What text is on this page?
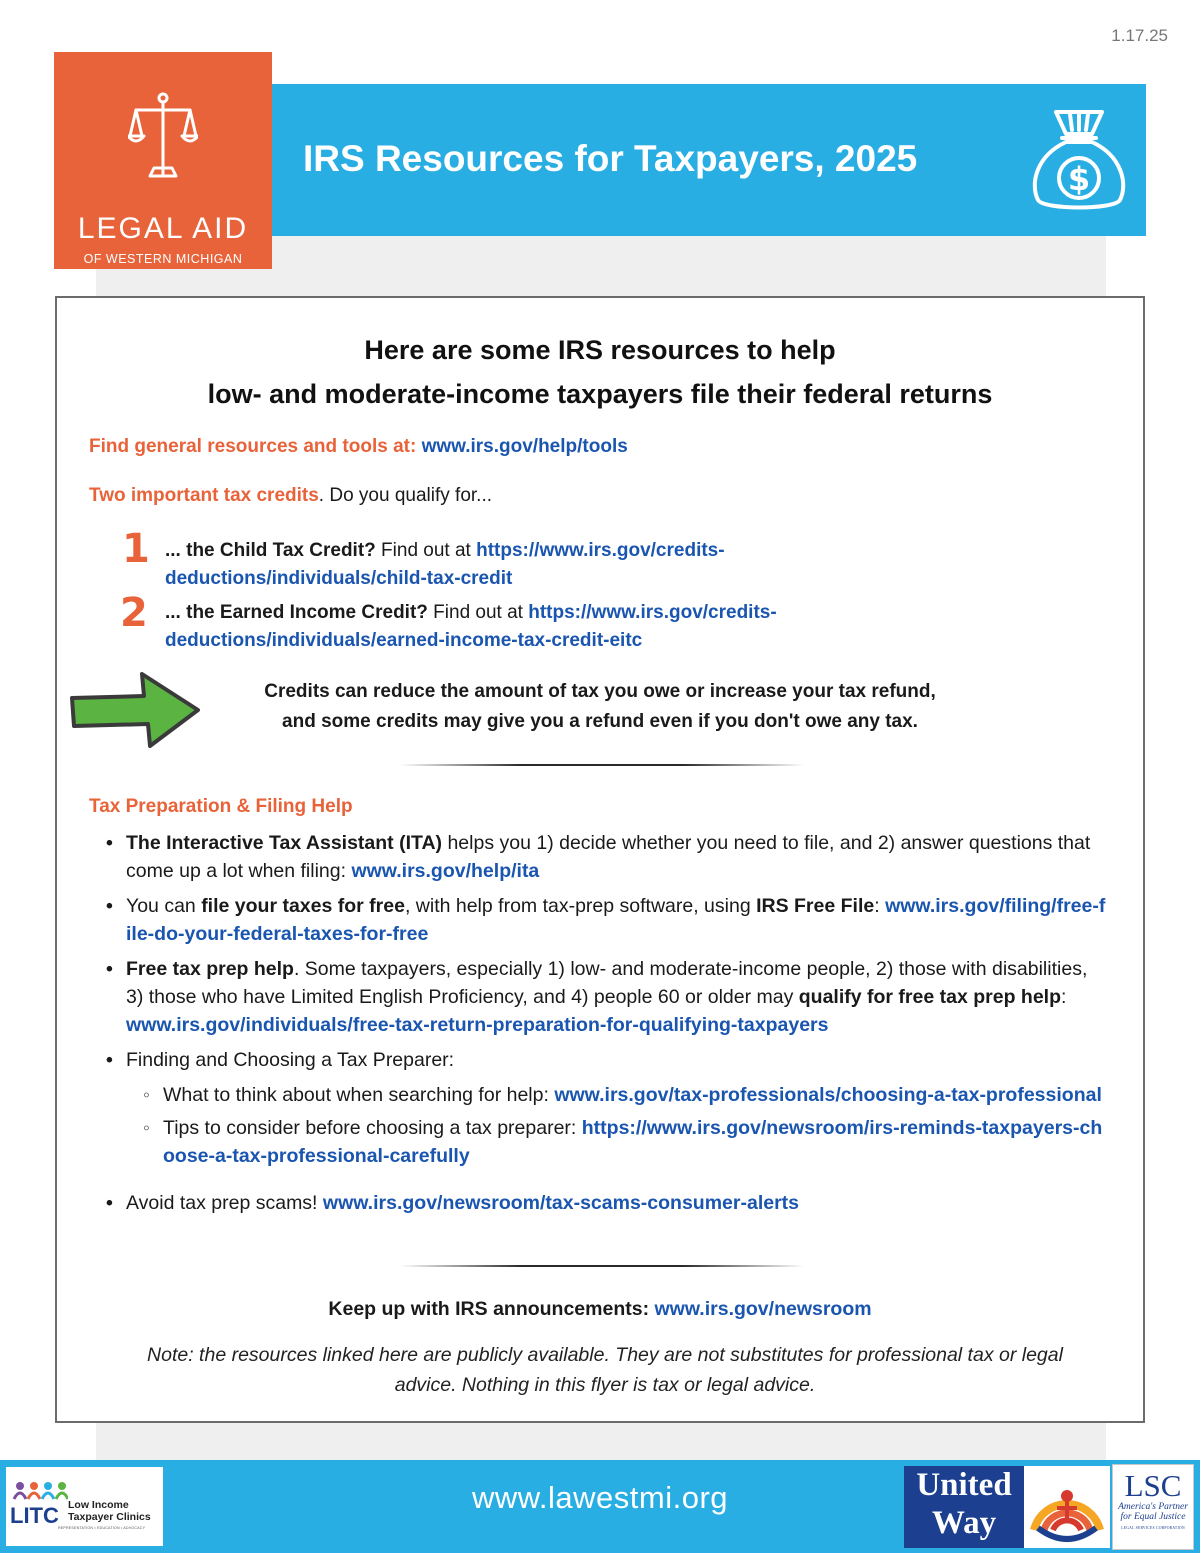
1.17.25
LEGAL AID
OF WESTERN MICHIGAN
IRS Resources for Taxpayers, 2025	$
Here are some IRS resources to help
low- and moderate-income taxpayers file their federal returns
Find general resources and tools at: www.irs.gov/help/tools
Two important tax credits. Do you qualify for...
1 ... the Child Tax Credit? Find out at https://www.irs.gov/credits-
deductions/individuals/child-tax-credit
2 ... the Earned Income Credit? Find out at https://www.irs.gov/credits-
deductions/individuals/earned-income-tax-credit-eitc
Credits can reduce the amount of tax you owe or increase your tax refund,
and some credits may give you a refund even if you don't owe any tax.
Tax Preparation & Filing Help
• The Interactive Tax Assistant (ITA) helps you 1) decide whether you need to file, and 2) answer questions that come up a lot when filing: www.irs.gov/help/ita
• You can file your taxes for free, with help from tax-prep software, using IRS Free File: www.irs.gov/filing/free-file-do-your-federal-taxes-for-free
• Free tax prep help. Some taxpayers, especially 1) low- and moderate-income people, 2) those with disabilities, 3) those who have Limited English Proficiency, and 4) people 60 or older may qualify for free tax prep help: www.irs.gov/individuals/free-tax-return-preparation-for-qualifying-taxpayers
• Finding and Choosing a Tax Preparer:
◦ What to think about when searching for help: www.irs.gov/tax-professionals/choosing-a-tax-professional
◦ Tips to consider before choosing a tax preparer: https://www.irs.gov/newsroom/irs-reminds-taxpayers-choose-a-tax-professional-carefully
• Avoid tax prep scams! www.irs.gov/newsroom/tax-scams-consumer-alerts
Keep up with IRS announcements: www.irs.gov/newsroom
Note: the resources linked here are publicly available. They are not substitutes for professional tax or legal
advice. Nothing in this flyer is tax or legal advice.
www.lawestmi.org
LITC Low Income
Taxpayer Clinics
REPRESENTATION • EDUCATION • ADVOCACY
United
Way
LSC
America's Partner
for Equal Justice
LEGAL SERVICES CORPORATION
